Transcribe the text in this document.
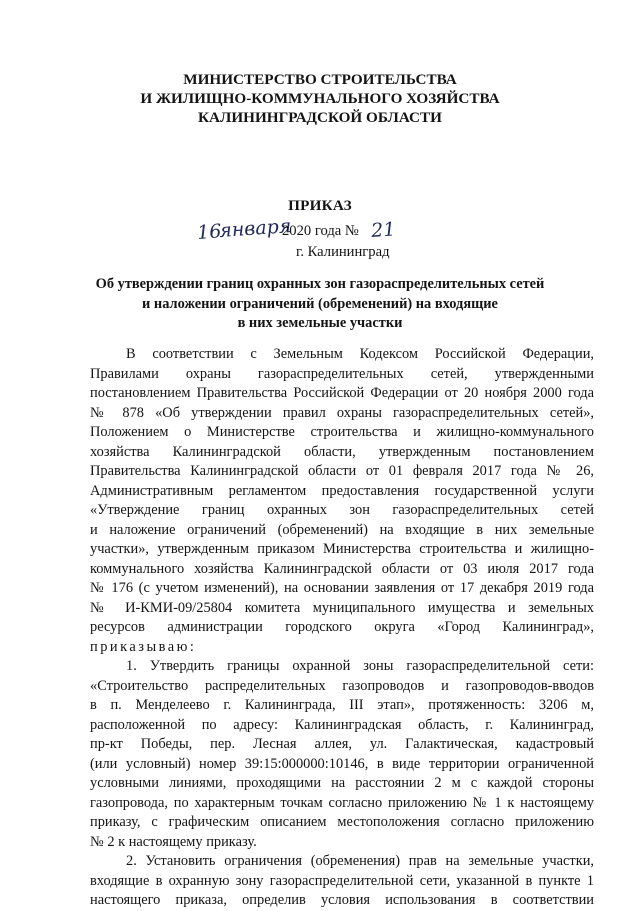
МИНИСТЕРСТВО СТРОИТЕЛЬСТВА
И ЖИЛИЩНО-КОММУНАЛЬНОГО ХОЗЯЙСТВА
КАЛИНИНГРАДСКОЙ ОБЛАСТИ
ПРИКАЗ
16
января
2020 года № 21
г. Калининград
Об утверждении границ охранных зон газораспределительных сетей
и наложении ограничений (обременений) на входящие
в них земельные участки
В соответствии с Земельным Кодексом Российской Федерации,
Правилами охраны газораспределительных сетей, утвержденными
постановлением Правительства Российской Федерации от 20 ноября 2000 года
№ 878 «Об утверждении правил охраны газораспределительных сетей»,
Положением о Министерстве строительства и жилищно-коммунального
хозяйства Калининградской области, утвержденным постановлением
Правительства Калининградской области от 01 февраля 2017 года № 26,
Административным регламентом предоставления государственной услуги
«Утверждение границ охранных зон газораспределительных сетей
и наложение ограничений (обременений) на входящие в них земельные
участки», утвержденным приказом Министерства строительства и жилищно-
коммунального хозяйства Калининградской области от 03 июля 2017 года
№ 176 (с учетом изменений), на основании заявления от 17 декабря 2019 года
№ И-КМИ-09/25804 комитета муниципального имущества и земельных
ресурсов администрации городского округа «Город Калининград»,
приказываю:
1. Утвердить границы охранной зоны газораспределительной сети:
«Строительство распределительных газопроводов и газопроводов-вводов
в п. Менделеево г. Калининграда, III этап», протяженность: 3206 м,
расположенной по адресу: Калининградская область, г. Калининград,
пр-кт Победы, пер. Лесная аллея, ул. Галактическая, кадастровый
(или условный) номер 39:15:000000:10146, в виде территории ограниченной
условными линиями, проходящими на расстоянии 2 м с каждой стороны
газопровода, по характерным точкам согласно приложению № 1 к настоящему
приказу, с графическим описанием местоположения согласно приложению
№ 2 к настоящему приказу.
2. Установить ограничения (обременения) прав на земельные участки,
входящие в охранную зону газораспределительной сети, указанной в пункте 1
настоящего приказа, определив условия использования в соответствии
